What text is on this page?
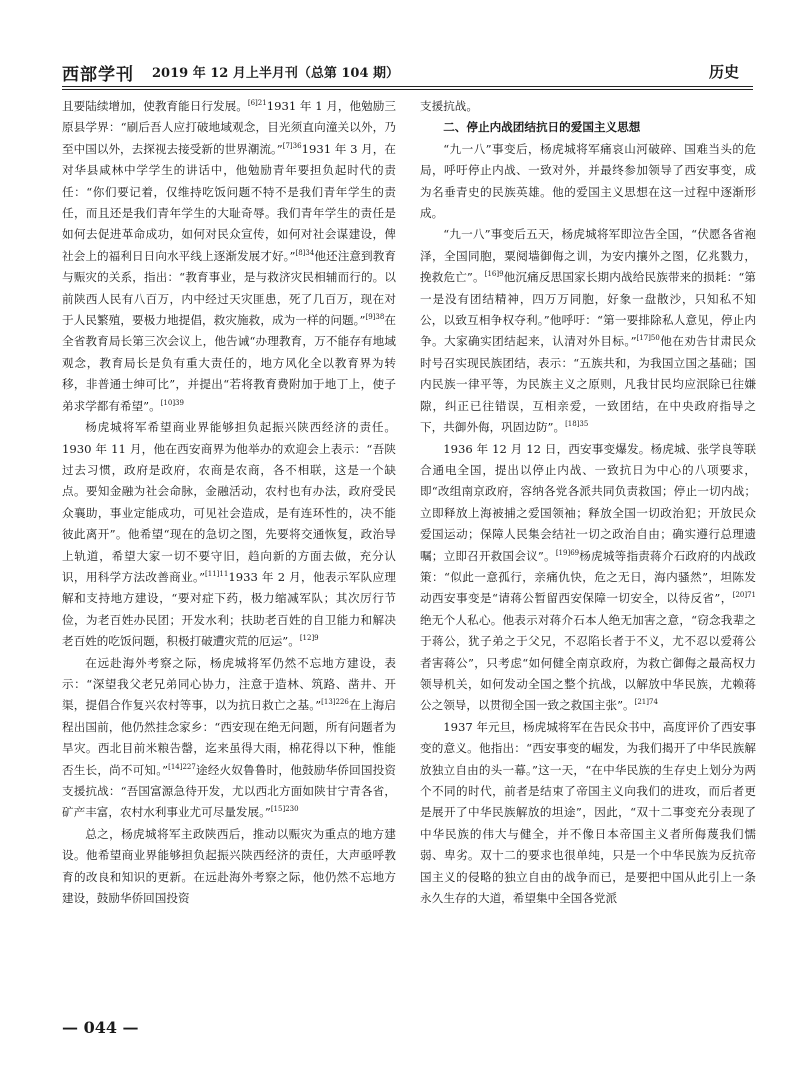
西部学刊 2019 年 12 月上半月刊（总第 104 期）	历史

且要陆续增加，使教育能日行发展。$^{[6]21}$1931 年 1 月，他勉励三原县学界：“刷后吾人应打破地域观念，目光须直向潼关以外，乃至中国以外，去探视去接受新的世界潮流。”$^{[7]36}$1931 年 3 月，在对华县咸林中学学生的讲话中，他勉励青年要担负起时代的责任：“你们要记着，仅维持吃饭问题不特不是我们青年学生的责任，而且还是我们青年学生的大耻奇辱。我们青年学生的责任是如何去促进革命成功，如何对民众宣传，如何对社会谋建设，俾社会上的福利日日向水平线上逐渐发展才好。”$^{[8]34}$他还注意到教育与赈灾的关系，指出：“教育事业，是与救济灾民相辅而行的。以前陕西人民有八百万，内中经过天灾匪患，死了几百万，现在对于人民繁殖，要极力地提倡，救灾施救，成为一样的问题。”$^{[9]38}$在全省教育局长第三次会议上，他告诫“办理教育，万不能存有地域观念，教育局长是负有重大责任的，地方风化全以教育界为转移，非普通士绅可比”，并提出“若将教育费附加于地丁上，使子弟求学都有希望”。$^{[10]39}$

杨虎城将军希望商业界能够担负起振兴陕西经济的责任。1930 年 11 月，他在西安商界为他举办的欢迎会上表示：“吾陕过去习惯，政府是政府，农商是农商，各不相联，这是一个缺点。要知金融为社会命脉，金融活动，农村也有办法，政府受民众襄助，事业定能成功，可见社会造成，是有连环性的，决不能彼此离开”。他希望“现在的急切之图，先要将交通恢复，政治导上轨道，希望大家一切不要守旧，趋向新的方面去做，充分认识，用科学方法改善商业。”$^{[11]11}$1933 年 2 月，他表示军队应理解和支持地方建设，“要对症下药，极力缩减军队；其次厉行节俭，为老百姓办民团；开发水利；扶助老百姓的自卫能力和解决老百姓的吃饭问题，积极打破遭灾荒的厄运”。$^{[12]9}$

在远赴海外考察之际，杨虎城将军仍然不忘地方建设，表示：“深望我父老兄弟同心协力，注意于造林、筑路、凿井、开渠，提倡合作复兴农村等事，以为抗日救亡之基。”$^{[13]226}$在上海启程出国前，他仍然挂念家乡：“西安现在绝无问题，所有问题者为旱灾。西北目前米粮告罄，迄来虽得大雨，棉花得以下种，惟能否生长，尚不可知。”$^{[14]227}$途经火奴鲁鲁时，他鼓励华侨回国投资支援抗战：“吾国富源急待开发，尤以西北方面如陕甘宁青各省，矿产丰富，农村水利事业尤可尽量发展。”$^{[15]230}$

总之，杨虎城将军主政陕西后，推动以赈灾为重点的地方建设。他希望商业界能够担负起振兴陕西经济的责任，大声亟呼教育的改良和知识的更新。在远赴海外考察之际，他仍然不忘地方建设，鼓励华侨回国投资

支援抗战。

二、停止内战团结抗日的爱国主义思想

“九一八”事变后，杨虎城将军痛哀山河破碎、国难当头的危局，呼吁停止内战、一致对外，并最终参加领导了西安事变，成为名垂青史的民族英雄。他的爱国主义思想在这一过程中逐渐形成。

“九一八”事变后五天，杨虎城将军即泣告全国，“伏愿各省袍泽，全国同胞，粟阋墙御侮之训，为安内攘外之图，亿兆戮力，挽救危亡”。$^{[16]9}$他沉痛反思国家长期内战给民族带来的损耗：“第一是没有团结精神，四万万同胞，好象一盘散沙，只知私不知公，以致互相争权夺利。”他呼吁：“第一要排除私人意见，停止内争。大家确实团结起来，认清对外目标。”$^{[17]50}$他在劝告甘肃民众时号召实现民族团结，表示：“五族共和，为我国立国之基础；国内民族一律平等，为民族主义之原则，凡我甘民均应泯除已往嫌隙，纠正已往错误，互相亲爱，一致团结，在中央政府指导之下，共御外侮，巩固边防”。$^{[18]35}$

1936 年 12 月 12 日，西安事变爆发。杨虎城、张学良等联合通电全国，提出以停止内战、一致抗日为中心的八项要求，即“改组南京政府，容纳各党各派共同负责救国；停止一切内战；立即释放上海被捕之爱国领袖；释放全国一切政治犯；开放民众爱国运动；保障人民集会结社一切之政治自由；确实遵行总理遗嘱；立即召开救国会议”。$^{[19]69}$杨虎城等指责蒋介石政府的内战政策：“似此一意孤行，亲痛仇快，危之无日，海内骚然”，坦陈发动西安事变是“请蒋公暂留西安保障一切安全，以待反省”，$^{[20]71}$绝无个人私心。他表示对蒋介石本人绝无加害之意，“窃念我辈之于蒋公，犹子弟之于父兄，不忍陷长者于不义，尤不忍以爱蒋公者害蒋公”，只考虑“如何健全南京政府，为救亡御侮之最高权力领导机关，如何发动全国之整个抗战，以解放中华民族，尤赖蒋公之领导，以贯彻全国一致之救国主张”。$^{[21]74}$

1937 年元旦，杨虎城将军在告民众书中，高度评价了西安事变的意义。他指出：“西安事变的崛发，为我们揭开了中华民族解放独立自由的头一幕。”这一天，“在中华民族的生存史上划分为两个不同的时代，前者是结束了帝国主义向我们的进攻，而后者更是展开了中华民族解放的坦途”，因此，“双十二事变充分表现了中华民族的伟大与健全，并不像日本帝国主义者所侮蔑我们懦弱、卑劣。双十二的要求也很单纯，只是一个中华民族为反抗帝国主义的侵略的独立自由的战争而已，是要把中国从此引上一条永久生存的大道，希望集中全国各党派

— 044 —
